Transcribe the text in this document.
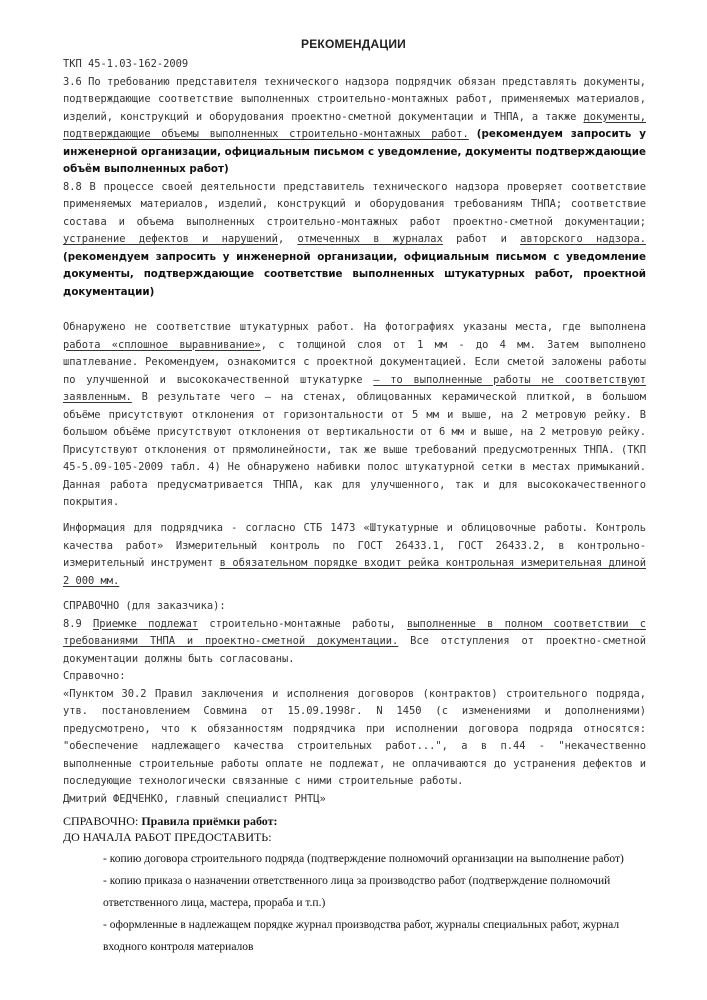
РЕКОМЕНДАЦИИ

ТКП 45-1.03-162-2009

3.6 По требованию представителя технического надзора подрядчик обязан представлять документы, подтверждающие соответствие выполненных строительно-монтажных работ, применяемых материалов, изделий, конструкций и оборудования проектно-сметной документации и ТНПА, а также документы, подтверждающие объемы выполненных строительно-монтажных работ. (рекомендуем запросить у инженерной организации, официальным письмом с уведомление, документы подтверждающие объём выполненных работ)

8.8 В процессе своей деятельности представитель технического надзора проверяет соответствие применяемых материалов, изделий, конструкций и оборудования требованиям ТНПА; соответствие состава и объема выполненных строительно-монтажных работ проектно-сметной документации; устранение дефектов и нарушений, отмеченных в журналах работ и авторского надзора. (рекомендуем запросить у инженерной организации, официальным письмом с уведомление документы, подтверждающие соответствие выполненных штукатурных работ, проектной документации)

Обнаружено не соответствие штукатурных работ. На фотографиях указаны места, где выполнена работа «сплошное выравнивание», с толщиной слоя от 1 мм - до 4 мм. Затем выполнено шпатлевание. Рекомендуем, ознакомится с проектной документацией. Если сметой заложены работы по улучшенной и высококачественной штукатурке – то выполненные работы не соответствуют заявленным. В результате чего – на стенах, облицованных керамической плиткой, в большом объёме присутствуют отклонения от горизонтальности от 5 мм и выше, на 2 метровую рейку. В большом объёме присутствуют отклонения от вертикальности от 6 мм и выше, на 2 метровую рейку. Присутствуют отклонения от прямолинейности, так же выше требований предусмотренных ТНПА. (ТКП 45-5.09-105-2009 табл. 4) Не обнаружено набивки полос штукатурной сетки в местах примыканий. Данная работа предусматривается ТНПА, как для улучшенного, так и для высококачественного покрытия.

Информация для подрядчика - согласно СТБ 1473 «Штукатурные и облицовочные работы. Контроль качества работ» Измерительный контроль по ГОСТ 26433.1, ГОСТ 26433.2, в контрольно-измерительный инструмент в обязательном порядке входит рейка контрольная измерительная длиной 2 000 мм.

СПРАВОЧНО (для заказчика):

8.9 Приемке подлежат строительно-монтажные работы, выполненные в полном соответствии с требованиями ТНПА и проектно-сметной документации. Все отступления от проектно-сметной документации должны быть согласованы.

Справочно:

«Пунктом 30.2 Правил заключения и исполнения договоров (контрактов) строительного подряда, утв. постановлением Совмина от 15.09.1998г. N 1450 (с изменениями и дополнениями) предусмотрено, что к обязанностям подрядчика при исполнении договора подряда относятся: "обеспечение надлежащего качества строительных работ...", а в п.44 - "некачественно выполненные строительные работы оплате не подлежат, не оплачиваются до устранения дефектов и последующие технологически связанные с ними строительные работы.

Дмитрий ФЕДЧЕНКО, главный специалист РНТЦ»

СПРАВОЧНО: Правила приёмки работ:

ДО НАЧАЛА РАБОТ ПРЕДОСТАВИТЬ:

- копию договора строительного подряда (подтверждение полномочий организации на выполнение работ)
- копию приказа о назначении ответственного лица за производство работ (подтверждение полномочий ответственного лица, мастера, прораба и т.п.)
- оформленные в надлежащем порядке журнал производства работ, журналы специальных работ, журнал входного контроля материалов
